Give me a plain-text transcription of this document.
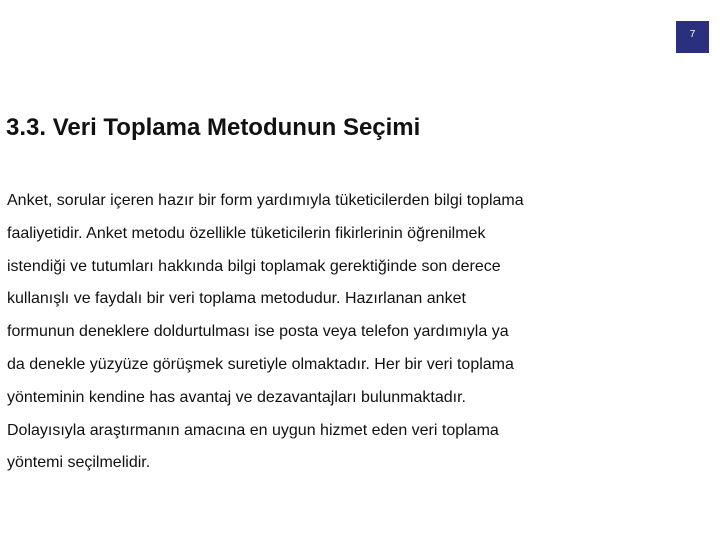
7
3.3. Veri Toplama Metodunun Seçimi
Anket, sorular içeren hazır bir form yardımıyla tüketicilerden bilgi toplama
faaliyetidir. Anket metodu özellikle tüketicilerin fikirlerinin öğrenilmek
istendiği ve tutumları hakkında bilgi toplamak gerektiğinde son derece
kullanışlı ve faydalı bir veri toplama metodudur. Hazırlanan anket
formunun deneklere doldurtulması ise posta veya telefon yardımıyla ya
da denekle yüzyüze görüşmek suretiyle olmaktadır. Her bir veri toplama
yönteminin kendine has avantaj ve dezavantajları bulunmaktadır.
Dolayısıyla araştırmanın amacına en uygun hizmet eden veri toplama
yöntemi seçilmelidir.
